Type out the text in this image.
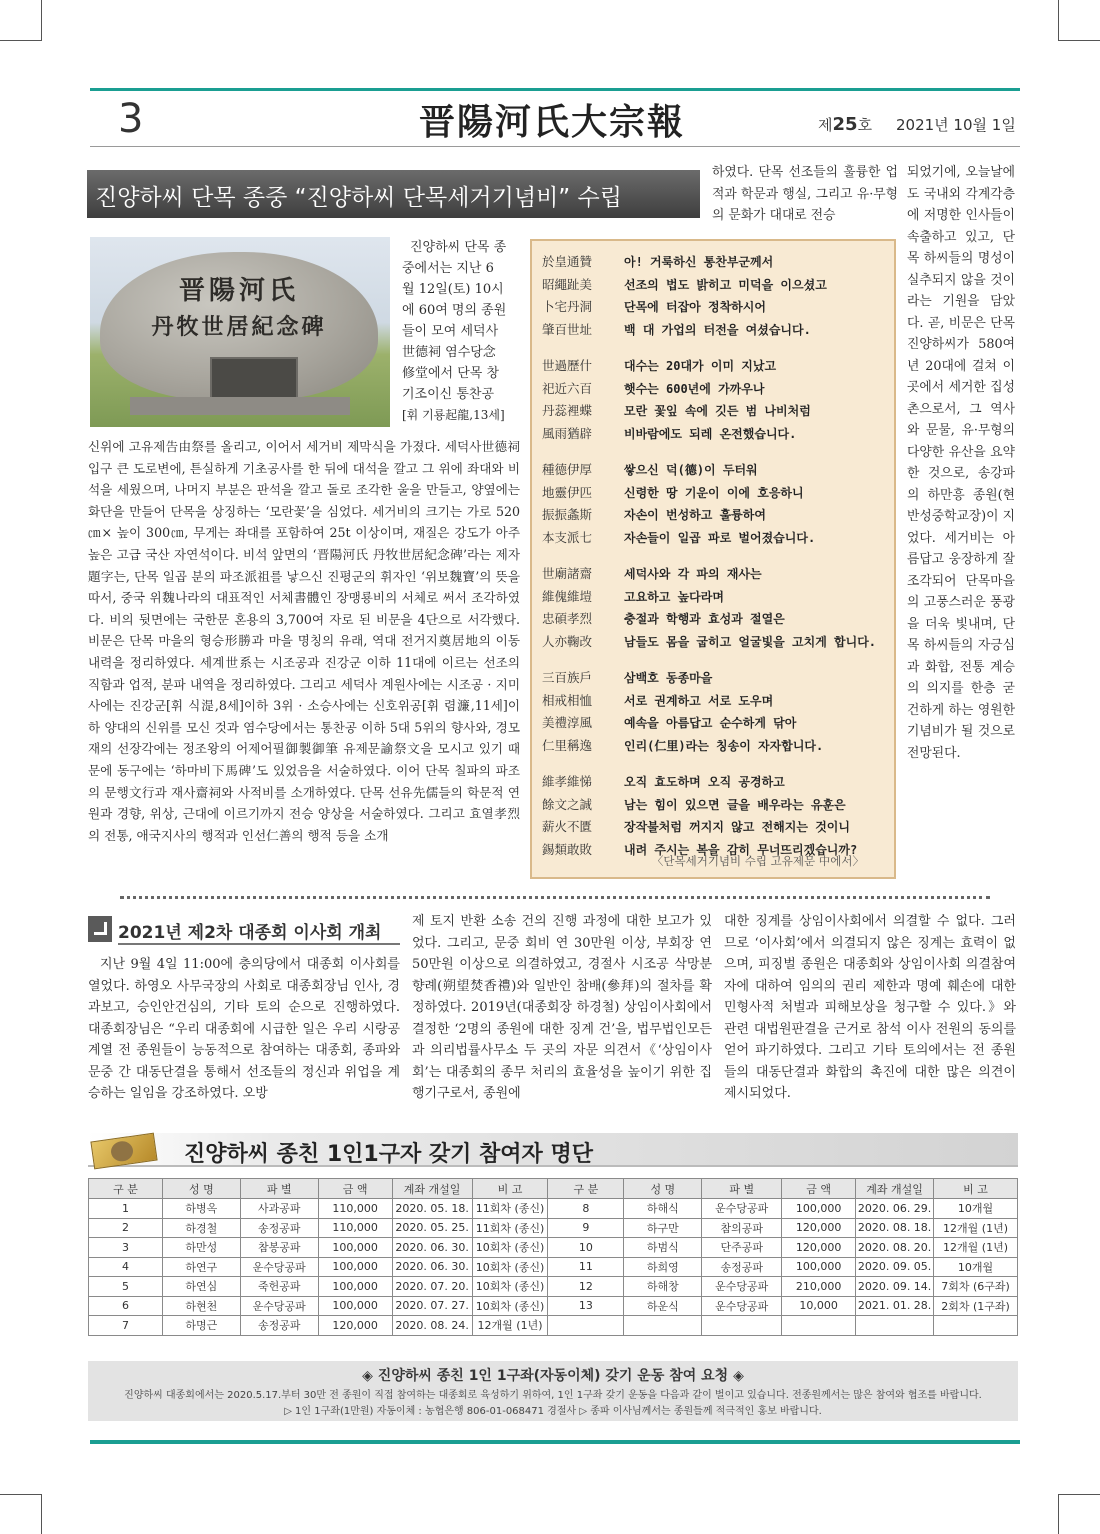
3	晋陽河氏大宗報	제25호 2021년 10월 1일
진양하씨 단목 종중 “진양하씨 단목세거기념비” 수립
晋陽河氏
丹牧世居紀念碑
진양하씨 단목 종
중에서는 지난 6
월 12일(토) 10시
에 60여 명의 종원
들이 모여 세덕사
世德祠 염수당念
修堂에서 단목 창
기조이신 통찬공
[휘 기룡起龍,13세]
신위에 고유제告由祭를 올리고, 이어서 세거비 제막식을 가졌다. 세덕사世德祠 입구 큰 도로변에, 튼실하게 기초공사를 한 뒤에 대석을 깔고 그 위에 좌대와 비석을 세웠으며, 나머지 부분은 판석을 깔고 돌로 조각한 울을 만들고, 양옆에는 화단을 만들어 단목을 상징하는 ‘모란꽃’을 심었다. 세거비의 크기는 가로 520㎝× 높이 300㎝, 무게는 좌대를 포함하여 25t 이상이며, 재질은 강도가 아주 높은 고급 국산 자연석이다. 비석 앞면의 ‘晋陽河氏 丹牧世居紀念碑’라는 제자題字는, 단목 일곱 분의 파조派祖를 낳으신 진평군의 휘자인 ‘위보魏寶’의 뜻을 따서, 중국 위魏나라의 대표적인 서체書體인 장맹룡비의 서체로 써서 조각하였다. 비의 뒷면에는 국한문 혼용의 3,700여 자로 된 비문을 4단으로 서각했다. 비문은 단목 마을의 형승形勝과 마을 명칭의 유래, 역대 전거지奠居地의 이동 내력을 정리하였다. 세계世系는 시조공과 진강군 이하 11대에 이르는 선조의 직함과 업적, 분파 내역을 정리하였다. 그리고 세덕사 계원사에는 시조공 · 지미사에는 진강군[휘 식湜,8세]이하 3위 · 소승사에는 신호위공[휘 렴濂,11세]이하 양대의 신위를 모신 것과 염수당에서는 통찬공 이하 5대 5위의 향사와, 경모재의 선장각에는 정조왕의 어제어필御製御筆 유제문諭祭文을 모시고 있기 때문에 동구에는 ‘하마비下馬碑’도 있었음을 서술하였다. 이어 단목 칠파의 파조의 문행文行과 재사齋祠와 사적비를 소개하였다. 단목 선유先儒들의 학문적 연원과 경향, 위상, 근대에 이르기까지 전승 양상을 서술하였다. 그리고 효열孝烈의 전통, 애국지사의 행적과 인선仁善의 행적 등을 소개
하였다. 단목 선조들의 훌륭한 업적과 학문과 행실, 그리고 유·무형의 문화가 대대로 전승
되었기에, 오늘날에도 국내외 각계각층에 저명한 인사들이 속출하고 있고, 단목 하씨들의 명성이 실추되지 않을 것이라는 기원을 담았다. 곧, 비문은 단목 진양하씨가 580여 년 20대에 걸쳐 이곳에서 세거한 집성촌으로서, 그 역사와 문물, 유·무형의 다양한 유산을 요약한 것으로, 송강파의 하만흥 종원(현 반성중학교장)이 지었다. 세거비는 아름답고 웅장하게 잘 조각되어 단목마을의 고풍스러운 풍광을 더욱 빛내며, 단목 하씨들의 자긍심과 화합, 전통 계승의 의지를 한층 굳건하게 하는 영원한 기념비가 될 것으로 전망된다.
於皇通贊	아! 거룩하신 통찬부군께서
昭繩趾美	선조의 법도 밝히고 미덕을 이으셨고
卜宅丹洞	단목에 터잡아 정착하시어
肇百世址	백 대 가업의 터전을 여셨습니다.
世過歷什	대수는 20대가 이미 지났고
祀近六百	햇수는 600년에 가까우나
丹蕊裡蝶	모란 꽃잎 속에 깃든 범 나비처럼
風雨猶辟	비바람에도 되레 온전했습니다.
種德伊厚	쌓으신 덕(德)이 두터워
地靈伊匹	신령한 땅 기운이 이에 호응하니
振振螽斯	자손이 번성하고 훌륭하여
本支派七	자손들이 일곱 파로 벌어졌습니다.
世廟諸齋	세덕사와 각 파의 재사는
維傀維塏	고요하고 높다라며
忠碩孝烈	충절과 학행과 효성과 절열은
人亦鞠改	남들도 몸을 굽히고 얼굴빛을 고치게 합니다.
三百族戶	삼백호 동종마을
相戒相恤	서로 권계하고 서로 도우며
美禮淳風	예속을 아름답고 순수하게 닦아
仁里稱逸	인리(仁里)라는 칭송이 자자합니다.
維孝維悌	오직 효도하며 오직 공경하고
餘文之誠	남는 힘이 있으면 글을 배우라는 유훈은
薪火不匱	장작불처럼 꺼지지 않고 전해지는 것이니
錫類敢敗	내려 주시는 복을 감히 무너뜨리겠습니까?
〈단목세거기념비 수립 고유제문 中에서〉
2021년 제2차 대종회 이사회 개최
지난 9월 4일 11:00에 충의당에서 대종회 이사회를 열었다. 하영오 사무국장의 사회로 대종회장님 인사, 경과보고, 승인안건심의, 기타 토의 순으로 진행하였다. 대종회장님은 “우리 대종회에 시급한 일은 우리 시랑공 계열 전 종원들이 능동적으로 참여하는 대종회, 종파와 문중 간 대동단결을 통해서 선조들의 정신과 위업을 계승하는 일임을 강조하였다. 오방
제 토지 반환 소송 건의 진행 과정에 대한 보고가 있었다. 그리고, 문중 회비 연 30만원 이상, 부회장 연 50만원 이상으로 의결하였고, 경절사 시조공 삭망분향례(朔望焚香禮)와 일반인 참배(參拜)의 절차를 확정하였다. 2019년(대종회장 하경철) 상임이사회에서 결정한 ‘2명의 종원에 대한 징계 건’을, 법무법인모든과 의리법률사무소 두 곳의 자문 의견서《‘상임이사회’는 대종회의 종무 처리의 효율성을 높이기 위한 집행기구로서, 종원에
대한 징계를 상임이사회에서 의결할 수 없다. 그러므로 ‘이사회’에서 의결되지 않은 징계는 효력이 없으며, 피징벌 종원은 대종회와 상임이사회 의결참여자에 대하여 임의의 권리 제한과 명예 훼손에 대한 민형사적 처벌과 피해보상을 청구할 수 있다.》와 관련 대법원판결을 근거로 참석 이사 전원의 동의를 얻어 파기하였다. 그리고 기타 토의에서는 전 종원들의 대동단결과 화합의 촉진에 대한 많은 의견이 제시되었다.
진양하씨 종친 1인1구자 갖기 참여자 명단
구 분	성 명	파 별	금 액	계좌 개설일	비 고	구 분	성 명	파 별	금 액	계좌 개설일	비 고
1	하병옥	사과공파	110,000	2020. 05. 18.	11회차 (종신)	8	하해식	운수당공파	100,000	2020. 06. 29.	10개월
2	하경철	송정공파	110,000	2020. 05. 25.	11회차 (종신)	9	하구만	참의공파	120,000	2020. 08. 18.	12개월 (1년)
3	하만성	참봉공파	100,000	2020. 06. 30.	10회차 (종신)	10	하범식	단주공파	120,000	2020. 08. 20.	12개월 (1년)
4	하연구	운수당공파	100,000	2020. 06. 30.	10회차 (종신)	11	하희영	송정공파	100,000	2020. 09. 05.	10개월
5	하연심	죽헌공파	100,000	2020. 07. 20.	10회차 (종신)	12	하해창	운수당공파	210,000	2020. 09. 14.	7회차 (6구좌)
6	하현천	운수당공파	100,000	2020. 07. 27.	10회차 (종신)	13	하운식	운수당공파	10,000	2021. 01. 28.	2회차 (1구좌)
7	하명근	송정공파	120,000	2020. 08. 24.	12개월 (1년)						
◈ 진양하씨 종친 1인 1구좌(자동이체) 갖기 운동 참여 요청 ◈
진양하씨 대종회에서는 2020.5.17.부터 30만 전 종원이 직접 참여하는 대종회로 육성하기 위하여, 1인 1구좌 갖기 운동을 다음과 같이 벌이고 있습니다. 전종원께서는 많은 참여와 협조를 바랍니다.
▷ 1인 1구좌(1만원) 자동이체 : 농협은행 806-01-068471 경절사 ▷ 종파 이사님께서는 종원들께 적극적인 홍보 바랍니다.
